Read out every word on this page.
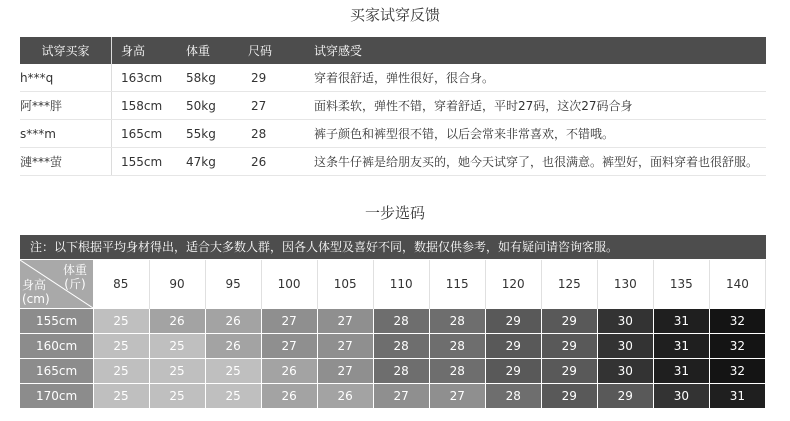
买家试穿反馈
试穿买家	身高	体重	尺码	试穿感受
h***q	163cm	58kg	29	穿着很舒适，弹性很好，很合身。
阿***胖	158cm	50kg	27	面料柔软，弹性不错，穿着舒适，平时27码，这次27码合身
s***m	165cm	55kg	28	裤子颜色和裤型很不错，以后会常来非常喜欢，不错哦。
漣***萤	155cm	47kg	26	这条牛仔裤是给朋友买的，她今天试穿了，也很满意。裤型好，面料穿着也很舒服。
一步选码
注：以下根据平均身材得出，适合大多数人群，因各人体型及喜好不同，数据仅供参考，如有疑问请咨询客服。
体重
(斤)
身高
(cm)	85	90	95	100	105	110	115	120	125	130	135	140
155cm	25	26	26	27	27	28	28	29	29	30	31	32
160cm	25	25	26	27	27	28	28	29	29	30	31	32
165cm	25	25	25	26	27	28	28	29	29	30	31	32
170cm	25	25	25	26	26	27	27	28	29	29	30	31
